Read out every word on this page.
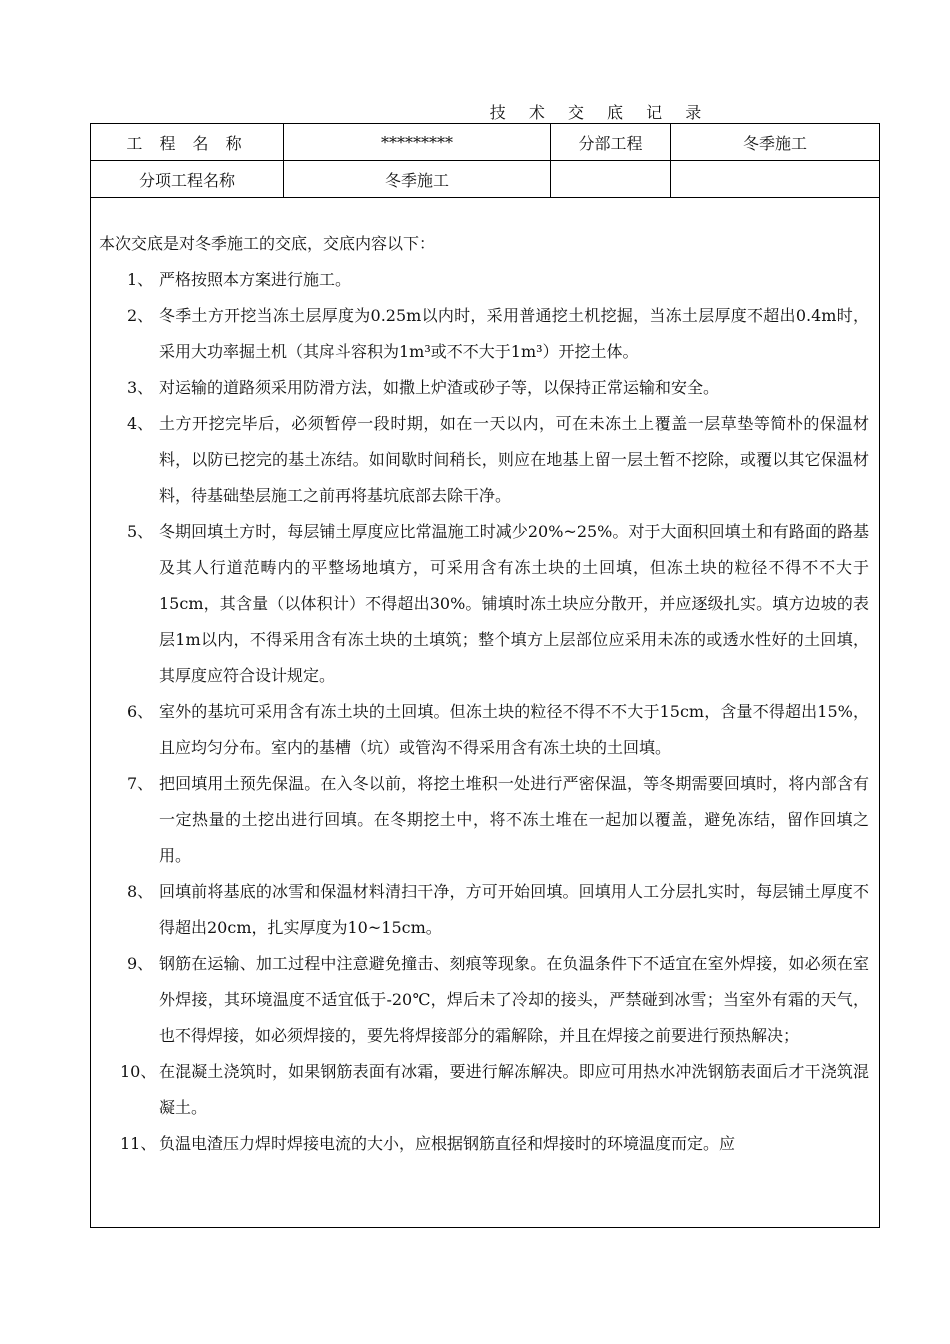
技 术 交 底 记 录
工 程 名 称	*********	分部工程	冬季施工
分项工程名称	冬季施工

本次交底是对冬季施工的交底，交底内容以下：

1、 严格按照本方案进行施工。

2、 冬季土方开挖当冻土层厚度为0.25m以内时，采用普通挖土机挖掘，当冻土层厚度不超出0.4m时，采用大功率掘土机（其戽斗容积为1m³或不不大于1m³）开挖土体。

3、 对运输的道路须采用防滑方法，如撒上炉渣或砂子等，以保持正常运输和安全。

4、 土方开挖完毕后，必须暂停一段时期，如在一天以内，可在未冻土上覆盖一层草垫等简朴的保温材料，以防已挖完的基土冻结。如间歇时间稍长，则应在地基上留一层土暂不挖除，或覆以其它保温材料，待基础垫层施工之前再将基坑底部去除干净。

5、 冬期回填土方时，每层铺土厚度应比常温施工时减少20%~25%。对于大面积回填土和有路面的路基及其人行道范畴内的平整场地填方，可采用含有冻土块的土回填，但冻土块的粒径不得不不大于15cm，其含量（以体积计）不得超出30%。铺填时冻土块应分散开，并应逐级扎实。填方边坡的表层1m以内，不得采用含有冻土块的土填筑；整个填方上层部位应采用未冻的或透水性好的土回填，其厚度应符合设计规定。

6、 室外的基坑可采用含有冻土块的土回填。但冻土块的粒径不得不不大于15cm，含量不得超出15%，且应均匀分布。室内的基槽（坑）或管沟不得采用含有冻土块的土回填。

7、 把回填用土预先保温。在入冬以前，将挖土堆积一处进行严密保温，等冬期需要回填时，将内部含有一定热量的土挖出进行回填。在冬期挖土中，将不冻土堆在一起加以覆盖，避免冻结，留作回填之用。

8、 回填前将基底的冰雪和保温材料清扫干净，方可开始回填。回填用人工分层扎实时，每层铺土厚度不得超出20cm，扎实厚度为10~15cm。

9、 钢筋在运输、加工过程中注意避免撞击、刻痕等现象。在负温条件下不适宜在室外焊接，如必须在室外焊接，其环境温度不适宜低于-20℃，焊后未了冷却的接头，严禁碰到冰雪；当室外有霜的天气，也不得焊接，如必须焊接的，要先将焊接部分的霜解除，并且在焊接之前要进行预热解决；

10、 在混凝土浇筑时，如果钢筋表面有冰霜，要进行解冻解决。即应可用热水冲洗钢筋表面后才干浇筑混凝土。

11、 负温电渣压力焊时焊接电流的大小，应根据钢筋直径和焊接时的环境温度而定。应
